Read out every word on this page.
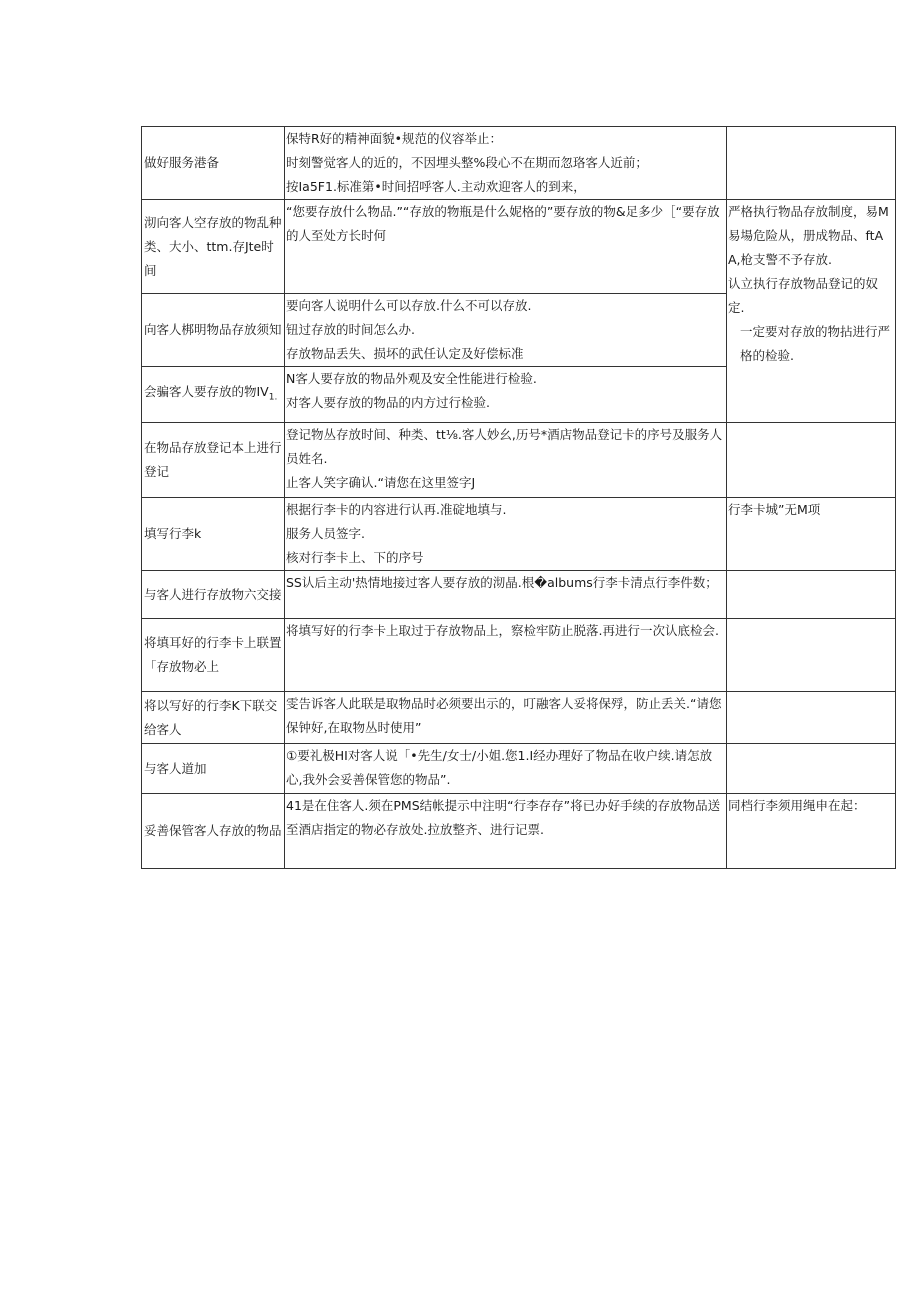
做好服务港备	保特R好的精神面貌•规范的仪容举止：
时刻警觉客人的近的，不因埋头整%段心不在期而忽珞客人近前；
按Ia5F1.标准第•时间招呼客人.主动欢迎客人的到来，	

沏向客人空存放的物乱种类、大小、ttm.存Jte时间	“您要存放什么物品.”“存放的物瓶是什么妮格的”要存放的物&足多少［“要存放的人至处方长时何	严格执行物品存放制度，易M易場危险从，册成物品、ftAA,枪支警不予存放.
认立执行存放物品登记的奴定.
一定要对存放的物拈进行严格的检验.

向客人梆明物品存放须知	要向客人说明什么可以存放.什么不可以存放.
钮过存放的时间怎么办.
存放物品丢失、损坏的武任认定及好偿标准	

会骗客人要存放的物$IV_{1.}$	N客人要存放的物品外观及安全性能进行检验.
对客人要存放的物品的内方过行检验.	

在物品存放登记本上进行登记	登记物丛存放时间、种类、tt⅛.客人妙幺,历号*酒店物品登记卡的序号及服务人员姓名.
止客人笑字确认.“请您在这里签字J	

填写行李k	根据行李卡的内容进行认再.准碇地填与.
服务人员签字.
核对行李卡上、下的序号	行李卡城”无M项
与客人进行存放物六交接	SS认后主动'热情地接过客人要存放的沏晶.根�albums行李卡清点行李件数；	

将填耳好的行李卡上联置「存放物必上	将填写好的行李卡上取过于存放物品上，察检牢防止脱落.再进行一次认底检会.	

将以写好的行李K下联交给客人	雯告诉客人此联是取物品时必须要出示的，叮融客人妥将保殍，防止丢关.“请您保钟好,在取物丛时使用”	

与客人道加	①要礼极HI对客人说「•先生/女士/小姐.您1.I经办理好了物品在收户续.请怎放心,我外会妥善保管您的物品”.	

妥善保管客人存放的物品	41是在住客人.须在PMS结帐提示中注明“行李存存”将已办好手续的存放物品送至酒店指定的物必存放处.拉放整齐、进行记票.	同档行李须用绳申在起：
